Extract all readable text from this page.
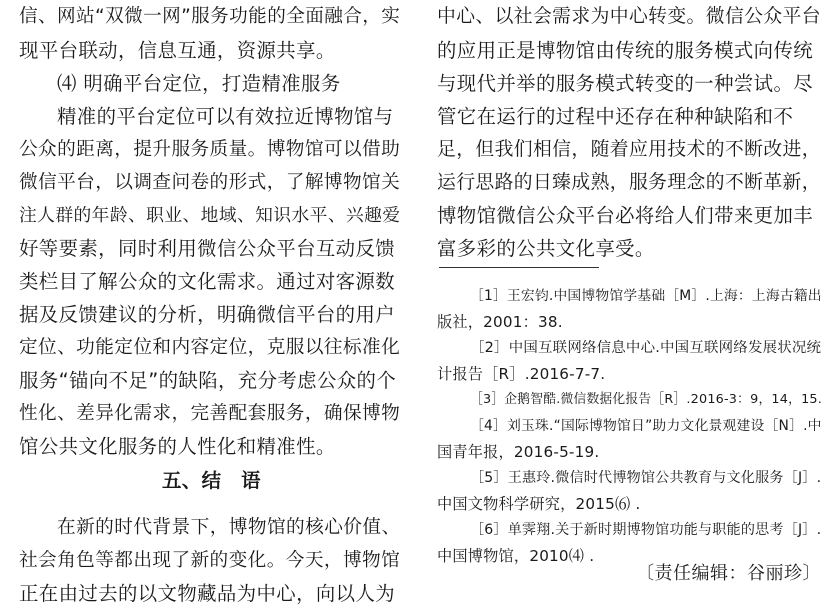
信、网站“双微一网”服务功能的全面融合，实
现平台联动，信息互通，资源共享。
⑷ 明确平台定位，打造精准服务
精准的平台定位可以有效拉近博物馆与
公众的距离，提升服务质量。博物馆可以借助
微信平台，以调查问卷的形式，了解博物馆关
注人群的年龄、职业、地域、知识水平、兴趣爱
好等要素，同时利用微信公众平台互动反馈
类栏目了解公众的文化需求。通过对客源数
据及反馈建议的分析，明确微信平台的用户
定位、功能定位和内容定位，克服以往标准化
服务“锚向不足”的缺陷，充分考虑公众的个
性化、差异化需求，完善配套服务，确保博物
馆公共文化服务的人性化和精准性。
五、结　语
在新的时代背景下，博物馆的核心价值、
社会角色等都出现了新的变化。今天，博物馆
正在由过去的以文物藏品为中心，向以人为
中心、以社会需求为中心转变。微信公众平台
的应用正是博物馆由传统的服务模式向传统
与现代并举的服务模式转变的一种尝试。尽
管它在运行的过程中还存在种种缺陷和不
足，但我们相信，随着应用技术的不断改进，
运行思路的日臻成熟，服务理念的不断革新，
博物馆微信公众平台必将给人们带来更加丰
富多彩的公共文化享受。
［1］王宏钧.中国博物馆学基础［M］.上海：上海古籍出
版社，2001：38.
［2］中国互联网络信息中心.中国互联网络发展状况统
计报告［R］.2016-7-7.
［3］企鹅智酷.微信数据化报告［R］.2016-3：9，14，15.
［4］刘玉珠.“国际博物馆日”助力文化景观建设［N］.中
国青年报，2016-5-19.
［5］王惠玲.微信时代博物馆公共教育与文化服务［J］.
中国文物科学研究，2015⑹ .
［6］单霁翔.关于新时期博物馆功能与职能的思考［J］.
中国博物馆，2010⑷ .
〔责任编辑：谷丽珍〕
